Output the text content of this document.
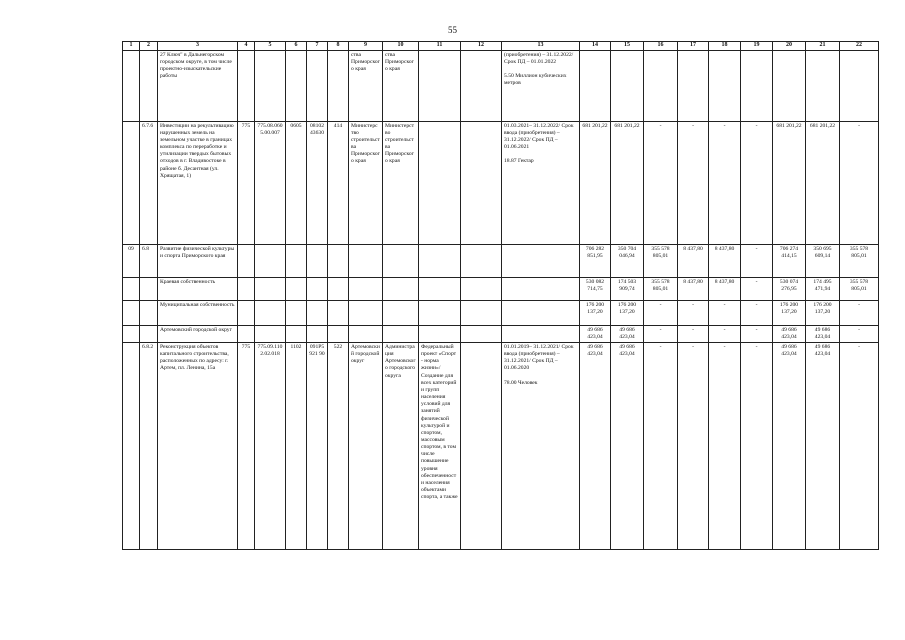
55
1	2	3	4	5	6	7	8	9	10	11	12	13	14	15	16	17	18	19	20	21	22
		27 Ключ" в Дальнегорском городском округе, в том числе проектно-изыскательские работы						ства Приморского края	ства Приморского края			(приобретения) – 31.12.2022/ Срок ПД – 01.01.2022

5.50 Миллион кубических метров									
	6.7.6	Инвестиции на рекультивацию нарушенных земель на земельном участке в границах комплекса по переработке и утилизации твердых бытовых отходов в г. Владивостоке в районе б. Десантная (ул. Хрящатая, 1)	775	775.08.0605.00.007	0605	0810243630	414	Министерство строительства Приморского края	Министерство строительства Приморского края			01.03.2021– 31.12.2022/ Срок ввода (приобретения) – 31.12.2022/ Срок ПД – 01.06.2021

18.87 Гектар	681 201,22	681 201,22	-	-	-	-	681 201,22	681 201,22	-
09	6.8	Развитие физической культуры и спорта Приморского края											706 282 851,95	350 704 046,94	355 578 805,01	8 437,80	8 437,80	-	706 274 414,15	350 695 609,14	355 578 805,01
		Краевая собственность											530 082 714,75	174 503 909,74	355 578 805,01	8 437,80	8 437,80	-	530 074 276,95	174 495 471,94	355 578 805,01
		Муниципальная собственность											176 200 137,20	176 200 137,20	-	-	-	-	176 200 137,20	176 200 137,20	-
		Артемовский городской округ											49 686 423,04	49 686 423,04	-	-	-	-	49 686 423,04	49 686 423,04	-
	6.8.2	Реконструкция объектов капитального строительства, расположенных по адресу: г. Артем, пл. Ленина, 15а	775	775.09.1102.02.018	1102	091Р5921 90	522	Артемовский городской округ	Администрация Артемовского городского округа	Федеральный проект «Спорт - норма жизни»/Создание для всех категорий и групп населения условий для занятий физической культурой и спортом, массовым спортом, в том числе повышение уровня обеспеченности населения объектами спорта, а также		01.01.2019– 31.12.2021/ Срок ввода (приобретения) – 31.12.2021/ Срок ПД – 01.06.2020

78.00 Человек	49 686 423,04	49 686 423,04	-	-	-	-	49 686 423,04	49 686 423,04	-
